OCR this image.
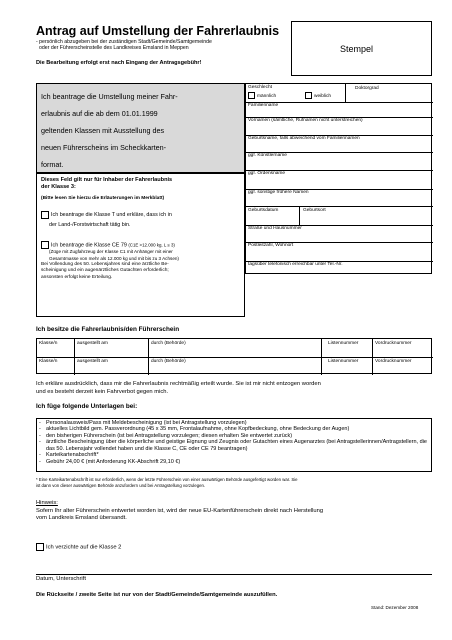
Antrag auf Umstellung der Fahrerlaubnis
- persönlich abzugeben bei der zuständigen Stadt/Gemeinde/Samtgemeinde
oder der Führerscheinstelle des Landkreises Emsland in Meppen
Die Bearbeitung erfolgt erst nach Eingang der Antragsgebühr!
Stempel
Ich beantrage die Umstellung meiner Fahr-
erlaubnis auf die ab dem 01.01.1999
geltenden Klassen mit Ausstellung des
neuen Führerscheins im Scheckkarten-
format.
Dieses Feld gilt nur für Inhaber der Fahrerlaubnis
der Klasse 3:
(Bitte lesen Sie hierzu die Erläuterungen im Merkblatt)
Ich beantrage die Klasse T und erkläre, dass ich in
der Land-/Forstwirtschaft tätig bin.
Ich beantrage die Klasse CE 79 (C1E >12.000 kg, L ≤ 3)
(Züge mit Zugfahrzeug der Klasse C1 mit Anhänger mit einer
Gesamtmasse von mehr als 12.000 kg und mit bis zu 3 Achsen)
Bei Vollendung des 50. Lebensjahres sind eine ärztliche Be-
scheinigung und ein augenärztliches Gutachten erforderlich;
ansonsten erfolgt keine Erteilung.
Geschlecht
männlich	weiblich
Doktorgrad
Familienname
Vornamen (sämtliche, Rufnamen nicht unterstreichen)
Geburtsname, falls abweichend vom Familiennamen
ggf. Künstlername
ggf. Ordensname
ggf. sonstige frühere Namen
Geburtsdatum	Geburtsort
Straße und Hausnummer
Postleitzahl, Wohnort
tagsüber telefonisch erreichbar unter Tel.-Nr.
Ich besitze die Fahrerlaubnis/den Führerschein
Klasse/n	ausgestellt am	durch (Behörde)	Listennummer	Vordrucknummer
Klasse/n	ausgestellt am	durch (Behörde)	Listennummer	Vordrucknummer
Ich erkläre ausdrücklich, dass mir die Fahrerlaubnis rechtmäßig erteilt wurde. Sie ist mir nicht entzogen worden
und es besteht derzeit kein Fahrverbot gegen mich.
Ich füge folgende Unterlagen bei:
- Personalausweis/Pass mit Meldebescheinigung (ist bei Antragstellung vorzulegen)
- aktuelles Lichtbild gem. Passverordnung (45 x 35 mm, Frontalaufnahme, ohne Kopfbedeckung, ohne Bedeckung der Augen)
- den bisherigen Führerschein (ist bei Antragstellung vorzulegen; diesen erhalten Sie entwertet zurück)
- ärztliche Bescheinigung über die körperliche und geistige Eignung und Zeugnis oder Gutachten eines Augenarztes (bei Antragstellerinnen/Antragstellern, die das 50. Lebensjahr vollendet haben und die Klasse C, CE oder CE 79 beantragen)
- Karteikartenabschrift*
- Gebühr 24,00 € (mit Anforderung KK-Abschrift 29,10 €)
* Eine Karteikartenabschrift ist nur erforderlich, wenn der letzte Führerschein von einer auswärtigen Behörde ausgefertigt worden war. Sie
ist dann von dieser auswärtigen Behörde anzufordern und bei Antragstellung vorzulegen.
Hinweis:
Sofern Ihr alter Führerschein entwertet worden ist, wird der neue EU-Kartenführerschein direkt nach Herstellung
vom Landkreis Emsland übersandt.
Ich verzichte auf die Klasse 2
Datum, Unterschrift
Die Rückseite / zweite Seite ist nur von der Stadt/Gemeinde/Samtgemeinde auszufüllen.
Stand: Dezember 2008
